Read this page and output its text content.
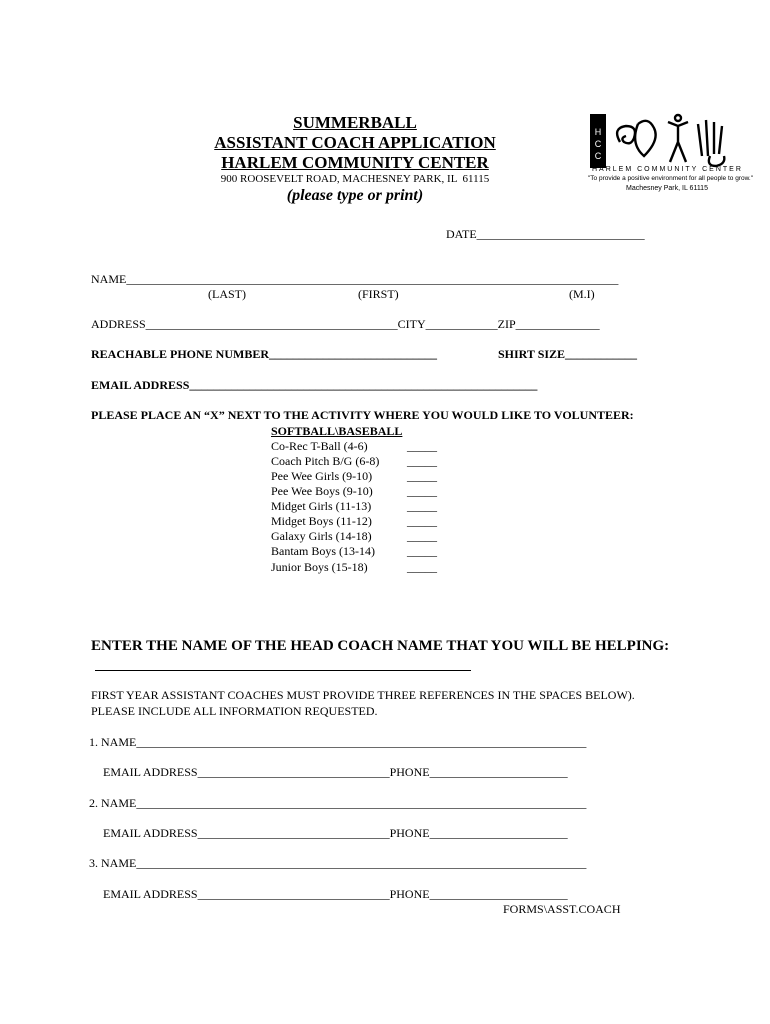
SUMMERBALL
ASSISTANT COACH APPLICATION
HARLEM COMMUNITY CENTER
900 ROOSEVELT ROAD, MACHESNEY PARK, IL  61115
(please type or print)
HCC
HARLEM COMMUNITY CENTER
"To provide a positive environment for all people to grow."
Machesney Park, IL 61115
DATE____________________________
NAME__________________________________________________________________________________
(LAST)	(FIRST)	(M.I)
ADDRESS__________________________________________CITY____________ZIP______________
REACHABLE PHONE NUMBER____________________________	SHIRT SIZE____________
EMAIL ADDRESS__________________________________________________________
PLEASE PLACE AN “X” NEXT TO THE ACTIVITY WHERE YOU WOULD LIKE TO VOLUNTEER:
SOFTBALL\BASEBALL
Co-Rec T-Ball (4-6)	_____
Coach Pitch B/G (6-8) _____
Pee Wee Girls (9-10)	_____
Pee Wee Boys (9-10)	_____
Midget Girls (11-13)	_____
Midget Boys (11-12)	_____
Galaxy Girls (14-18)	_____
Bantam Boys (13-14)	_____
Junior Boys (15-18)	_____
ENTER THE NAME OF THE HEAD COACH NAME THAT YOU WILL BE HELPING:
FIRST YEAR ASSISTANT COACHES MUST PROVIDE THREE REFERENCES IN THE SPACES BELOW).
PLEASE INCLUDE ALL INFORMATION REQUESTED.
1. NAME___________________________________________________________________________
EMAIL ADDRESS________________________________PHONE_______________________
2. NAME___________________________________________________________________________
EMAIL ADDRESS________________________________PHONE_______________________
3. NAME___________________________________________________________________________
EMAIL ADDRESS________________________________PHONE_______________________
FORMS\ASST.COACH
